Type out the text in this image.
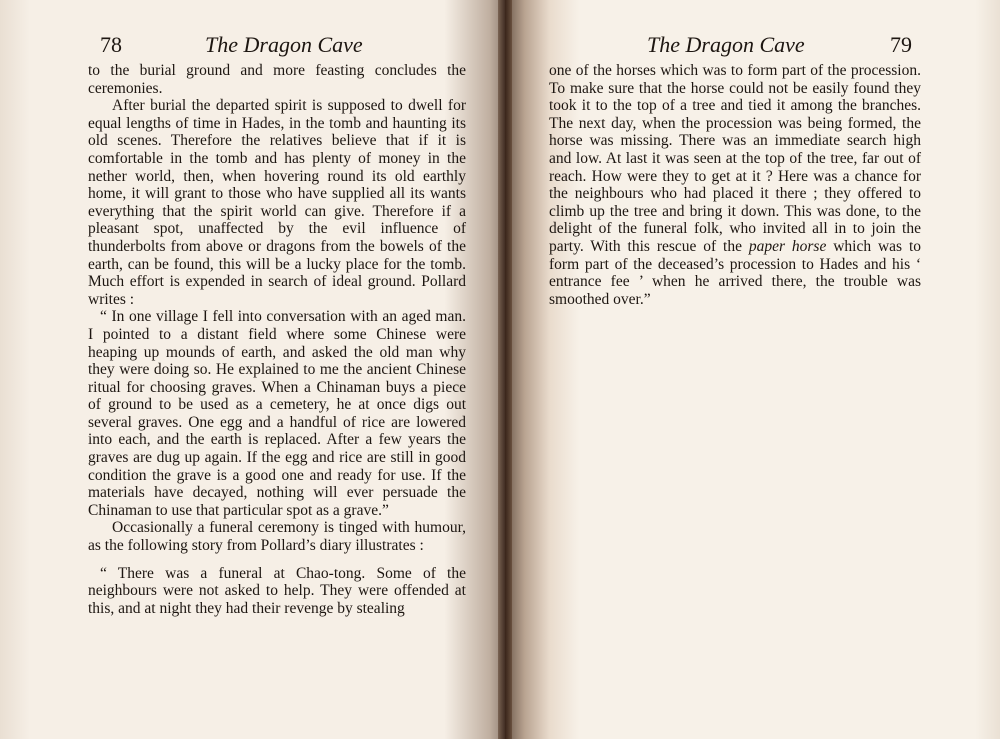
78	The Dragon Cave

to the burial ground and more feasting concludes the ceremonies.

After burial the departed spirit is supposed to dwell for equal lengths of time in Hades, in the tomb and haunting its old scenes. Therefore the relatives believe that if it is comfortable in the tomb and has plenty of money in the nether world, then, when hovering round its old earthly home, it will grant to those who have supplied all its wants everything that the spirit world can give. Therefore if a pleasant spot, unaffected by the evil influence of thunderbolts from above or dragons from the bowels of the earth, can be found, this will be a lucky place for the tomb. Much effort is expended in search of ideal ground. Pollard writes :

“ In one village I fell into conversation with an aged man. I pointed to a distant field where some Chinese were heaping up mounds of earth, and asked the old man why they were doing so. He explained to me the ancient Chinese ritual for choosing graves. When a Chinaman buys a piece of ground to be used as a cemetery, he at once digs out several graves. One egg and a handful of rice are lowered into each, and the earth is replaced. After a few years the graves are dug up again. If the egg and rice are still in good condition the grave is a good one and ready for use. If the materials have decayed, nothing will ever persuade the Chinaman to use that particular spot as a grave.”

Occasionally a funeral ceremony is tinged with humour, as the following story from Pollard’s diary illustrates :

“ There was a funeral at Chao-tong. Some of the neighbours were not asked to help. They were offended at this, and at night they had their revenge by stealing

The Dragon Cave	79

one of the horses which was to form part of the procession. To make sure that the horse could not be easily found they took it to the top of a tree and tied it among the branches. The next day, when the procession was being formed, the horse was missing. There was an immediate search high and low. At last it was seen at the top of the tree, far out of reach. How were they to get at it ? Here was a chance for the neighbours who had placed it there ; they offered to climb up the tree and bring it down. This was done, to the delight of the funeral folk, who invited all in to join the party. With this rescue of the paper horse which was to form part of the deceased’s procession to Hades and his ‘ entrance fee ’ when he arrived there, the trouble was smoothed over.”
